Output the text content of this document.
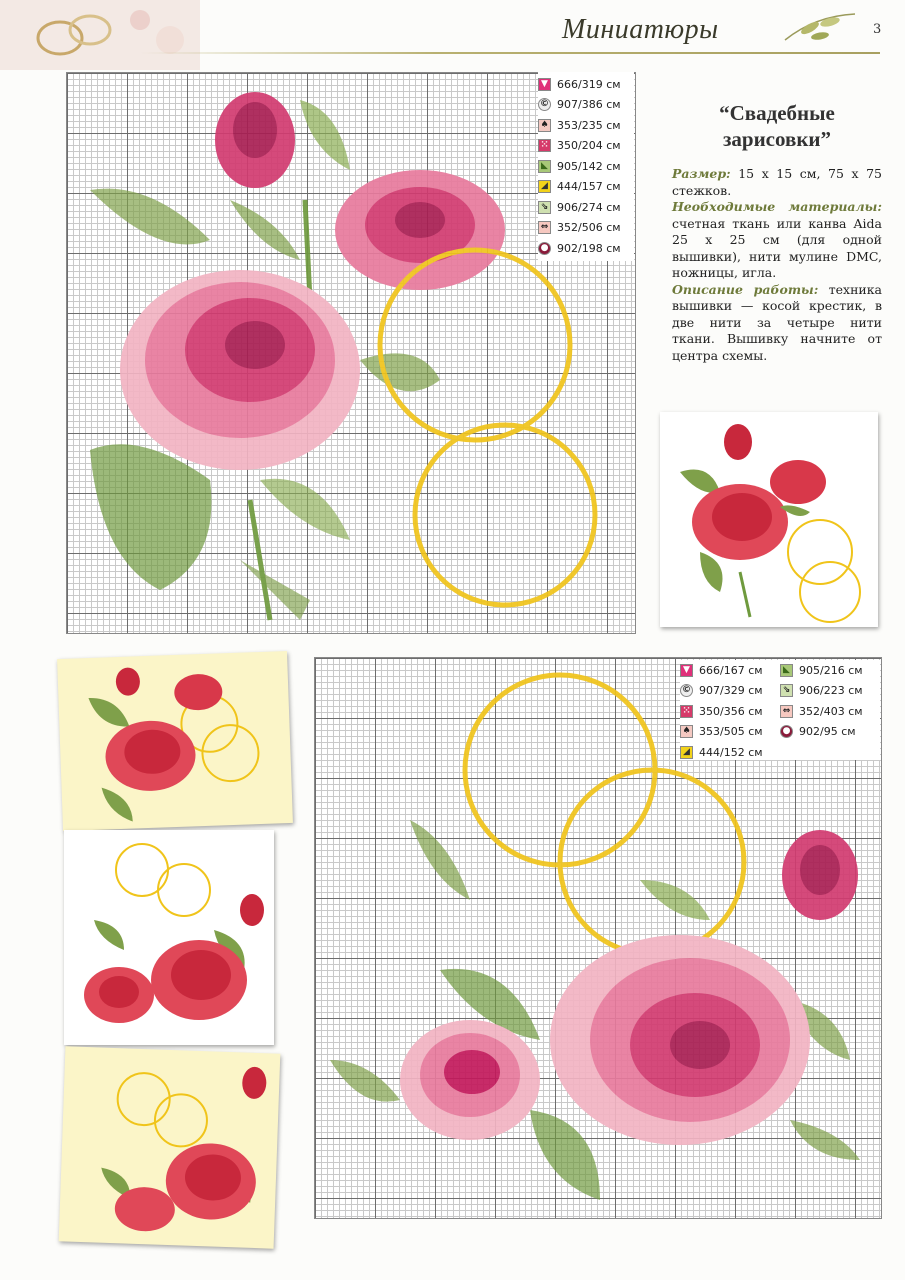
Миниатюры	3
▼ 666/319 см
© 907/386 см
♠ 353/235 см
⁙ 350/204 см
◣ 905/142 см
◢ 444/157 см
⇘ 906/274 см
⇔ 352/506 см
● 902/198 см
“Свадебные зарисовки”
Размер: 15 х 15 см, 75 х 75 стежков.
Необходимые материалы: счетная ткань или канва Aida 25 х 25 см (для одной вышивки), нити мулине DMC, ножницы, игла.
Описание работы: техника вышивки — косой крестик, в две нити за четыре нити ткани. Вышивку начните от центра схемы.
▼ 666/167 см
© 907/329 см
⁙ 350/356 см
♠ 353/505 см
◢ 444/152 см
◣ 905/216 см
⇘ 906/223 см
⇔ 352/403 см
● 902/95 см
